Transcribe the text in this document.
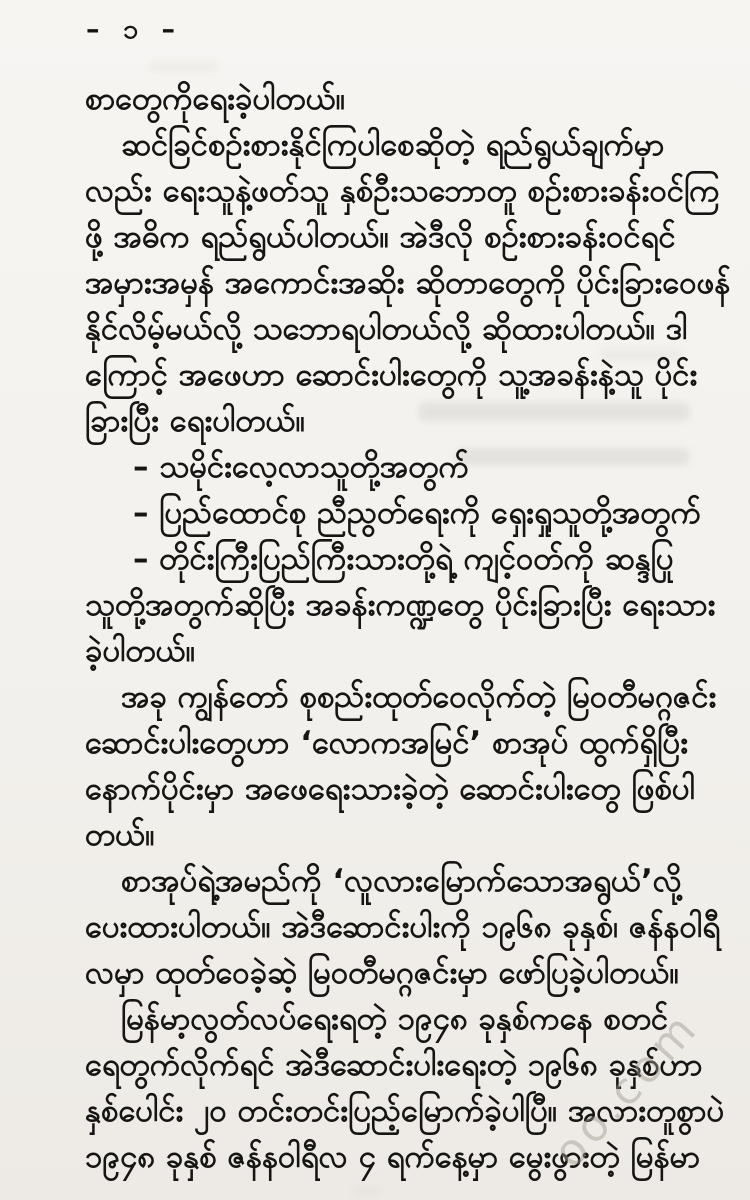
– ၁ –

စာတွေကိုရေးခဲ့ပါတယ်။

ဆင်ခြင်စဉ်းစားနိုင်ကြပါစေဆိုတဲ့ ရည်ရွယ်ချက်မှာ

လည်း ရေးသူနဲ့ဖတ်သူ နှစ်ဦးသဘောတူ စဉ်းစားခန်းဝင်ကြ

ဖို့ အဓိက ရည်ရွယ်ပါတယ်။ အဲဒီလို စဉ်းစားခန်းဝင်ရင်

အမှားအမှန် အကောင်းအဆိုး ဆိုတာတွေကို ပိုင်းခြားဝေဖန်

နိုင်လိမ့်မယ်လို့ သဘောရပါတယ်လို့ ဆိုထားပါတယ်။ ဒါ

ကြောင့် အဖေဟာ ဆောင်းပါးတွေကို သူ့အခန်းနဲ့သူ ပိုင်း

ခြားပြီး ရေးပါတယ်။

– သမိုင်းလေ့လာသူတို့အတွက်

– ပြည်ထောင်စု ညီညွတ်ရေးကို ရှေးရှုသူတို့အတွက်

– တိုင်းကြီးပြည်ကြီးသားတို့ရဲ့ ကျင့်ဝတ်ကို ဆန္ဒပြု

သူတို့အတွက်ဆိုပြီး အခန်းကဏ္ဍတွေ ပိုင်းခြားပြီး ရေးသား

ခဲ့ပါတယ်။

အခု ကျွန်တော် စုစည်းထုတ်ဝေလိုက်တဲ့ မြဝတီမဂ္ဂဇင်း

ဆောင်းပါးတွေဟာ ‘လောကအမြင်’ စာအုပ် ထွက်ရှိပြီး

နောက်ပိုင်းမှာ အဖေရေးသားခဲ့တဲ့ ဆောင်းပါးတွေ ဖြစ်ပါ

တယ်။

စာအုပ်ရဲ့အမည်ကို ‘လူလားမြောက်သောအရွယ်’လို့

ပေးထားပါတယ်။ အဲဒီဆောင်းပါးကို ၁၉၆၈ ခုနှစ်၊ ဇန်နဝါရီ

လမှာ ထုတ်ဝေခဲ့ဆဲ့ မြဝတီမဂ္ဂဇင်းမှာ ဖော်ပြခဲ့ပါတယ်။

မြန်မာ့လွတ်လပ်ရေးရတဲ့ ၁၉၄၈ ခုနှစ်ကနေ စတင်

ရေတွက်လိုက်ရင် အဲဒီဆောင်းပါးရေးတဲ့ ၁၉၆၈ ခုနှစ်ဟာ

နှစ်ပေါင်း ၂၀ တင်းတင်းပြည့်မြောက်ခဲ့ပါပြီ။ အလားတူစွာပဲ

၁၉၄၈ ခုနှစ် ဇန်နဝါရီလ ၄ ရက်နေ့မှာ မွေးဖွားတဲ့ မြန်မာ

oo.com
